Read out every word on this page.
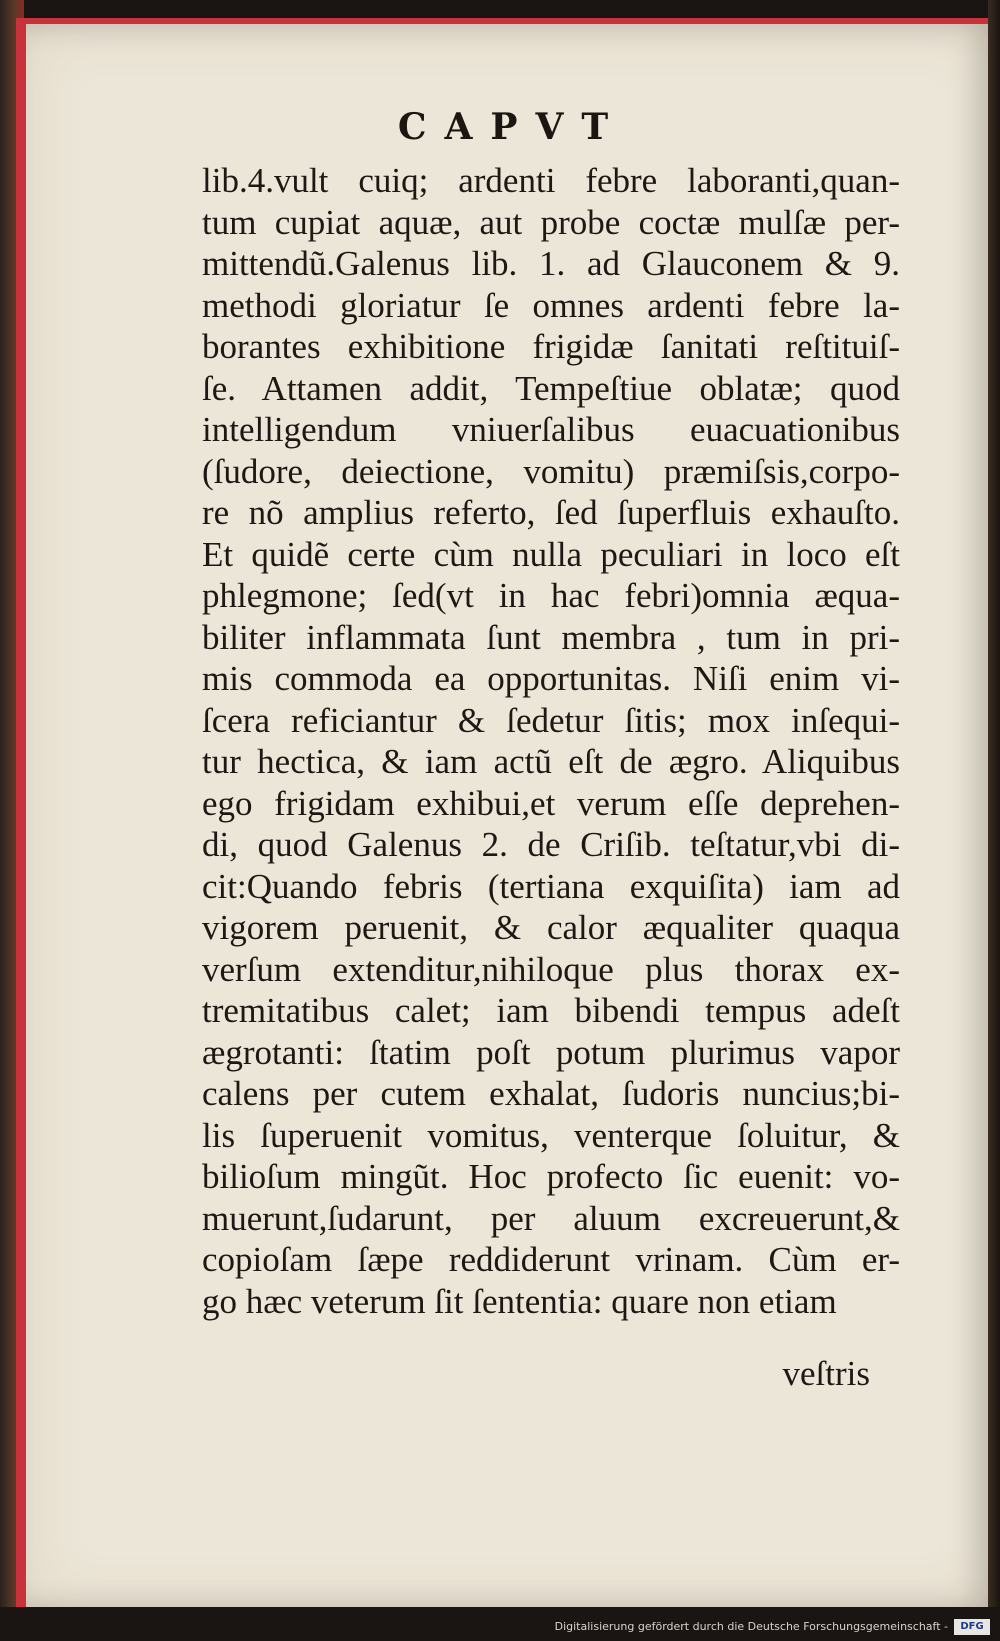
CAPVT
lib.4.vult cuiq; ardenti febre laboranti,quan-
tum cupiat aquæ, aut probe coctæ mulſæ per-
mittendũ.Galenus lib. 1. ad Glauconem & 9.
methodi gloriatur ſe omnes ardenti febre la-
borantes exhibitione frigidæ ſanitati reſtituiſ-
ſe. Attamen addit, Tempeſtiue oblatæ; quod
intelligendum vniuerſalibus euacuationibus
(ſudore, deiectione, vomitu) præmiſsis,corpo-
re nõ amplius referto, ſed ſuperfluis exhauſto.
Et quidẽ certe cùm nulla peculiari in loco eſt
phlegmone; ſed(vt in hac febri)omnia æqua-
biliter inflammata ſunt membra , tum in pri-
mis commoda ea opportunitas. Niſi enim vi-
ſcera reficiantur & ſedetur ſitis; mox inſequi-
tur hectica, & iam actũ eſt de ægro. Aliquibus
ego frigidam exhibui,et verum eſſe deprehen-
di, quod Galenus 2. de Criſib. teſtatur,vbi di-
cit:Quando febris (tertiana exquiſita) iam ad
vigorem peruenit, & calor æqualiter quaqua
verſum extenditur,nihiloque plus thorax ex-
tremitatibus calet; iam bibendi tempus adeſt
ægrotanti: ſtatim poſt potum plurimus vapor
calens per cutem exhalat, ſudoris nuncius;bi-
lis ſuperuenit vomitus, venterque ſoluitur, &
bilioſum mingũt. Hoc profecto ſic euenit: vo-
muerunt,ſudarunt, per aluum excreuerunt,&
copioſam ſæpe reddiderunt vrinam. Cùm er-
go hæc veterum ſit ſententia: quare non etiam
veſtris
Digitalisierung gefördert durch die Deutsche Forschungsgemeinschaft -	DFG
